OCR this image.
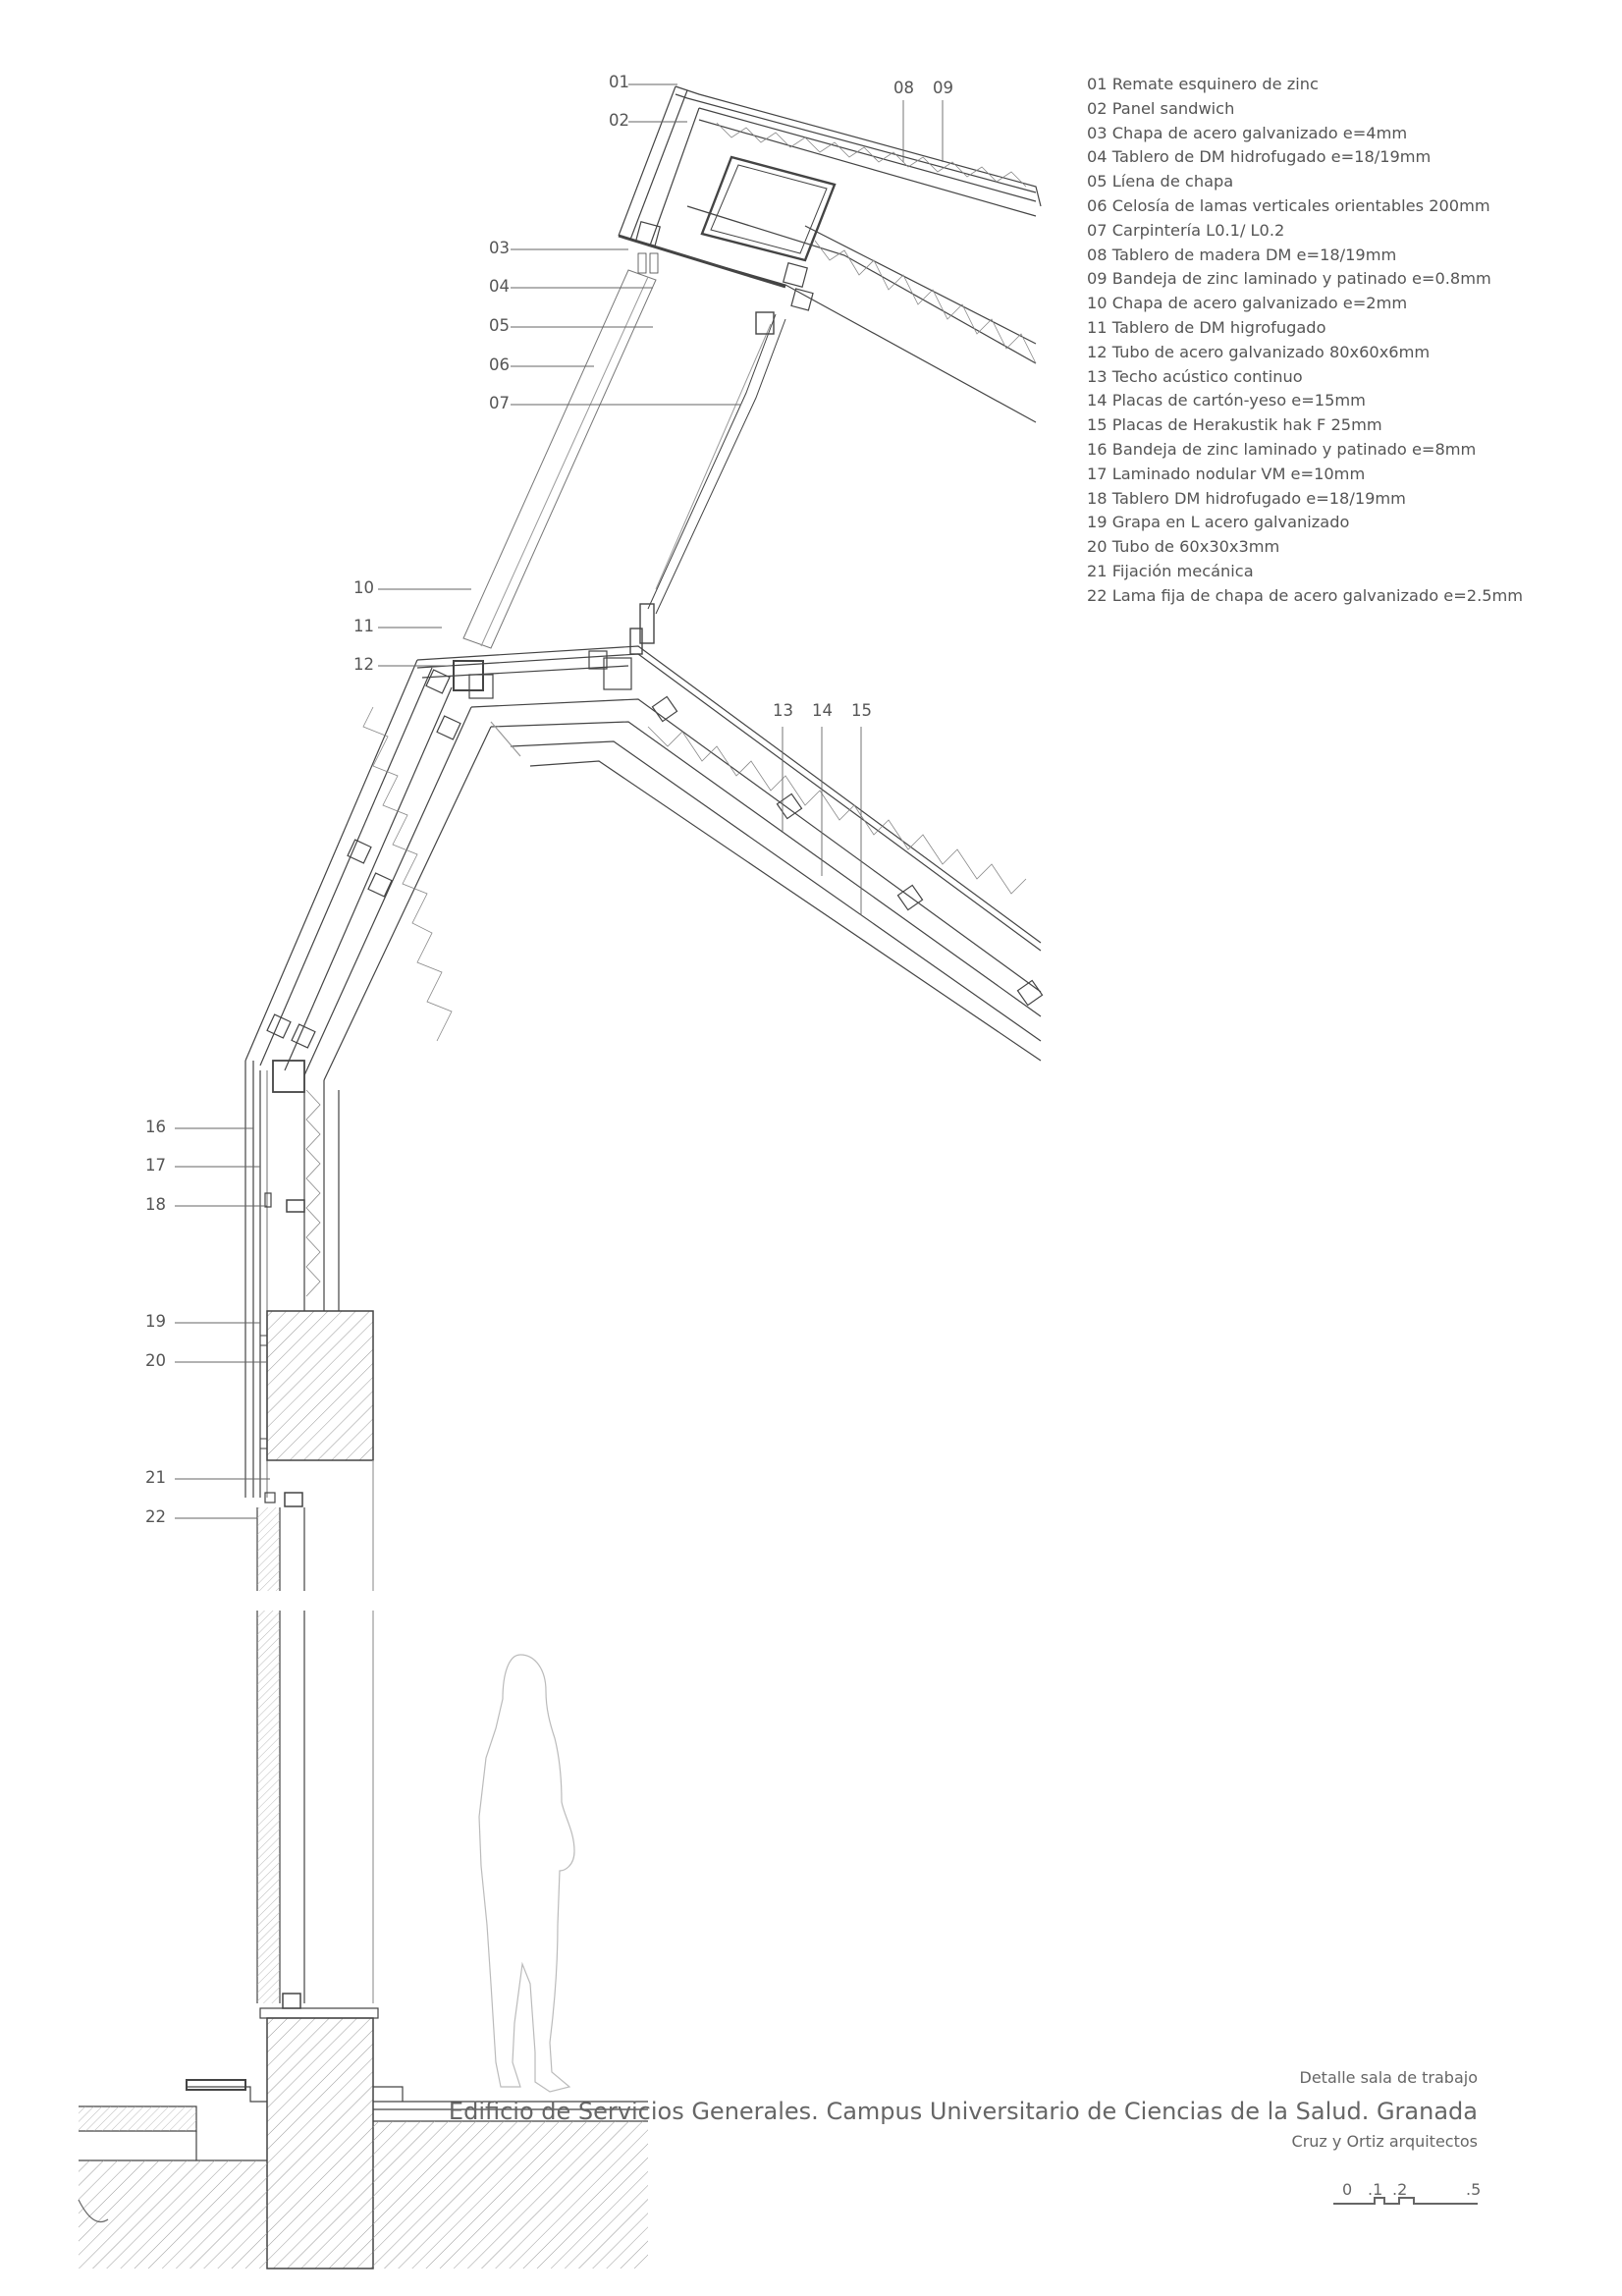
01
02
03
04
05
06
07
08 09
10
11
12
13 14 15
16
17
18
19
20
21
22
01 Remate esquinero de zinc
02 Panel sandwich
03 Chapa de acero galvanizado e=4mm
04 Tablero de DM hidrofugado e=18/19mm
05 Líena de chapa
06 Celosía de lamas verticales orientables 200mm
07 Carpintería L0.1/ L0.2
08 Tablero de madera DM e=18/19mm
09 Bandeja de zinc laminado y patinado e=0.8mm
10 Chapa de acero galvanizado e=2mm
11 Tablero de DM higrofugado
12 Tubo de acero galvanizado 80x60x6mm
13 Techo acústico continuo
14 Placas de cartón-yeso e=15mm
15 Placas de Herakustik hak F 25mm
16 Bandeja de zinc laminado y patinado e=8mm
17 Laminado nodular VM e=10mm
18 Tablero DM hidrofugado e=18/19mm
19 Grapa en L acero galvanizado
20 Tubo de 60x30x3mm
21 Fijación mecánica
22 Lama fija de chapa de acero galvanizado e=2.5mm
Detalle sala de trabajo
Edificio de Servicios Generales. Campus Universitario de Ciencias de la Salud. Granada
Cruz y Ortiz arquitectos
0 .1 .2	.5
